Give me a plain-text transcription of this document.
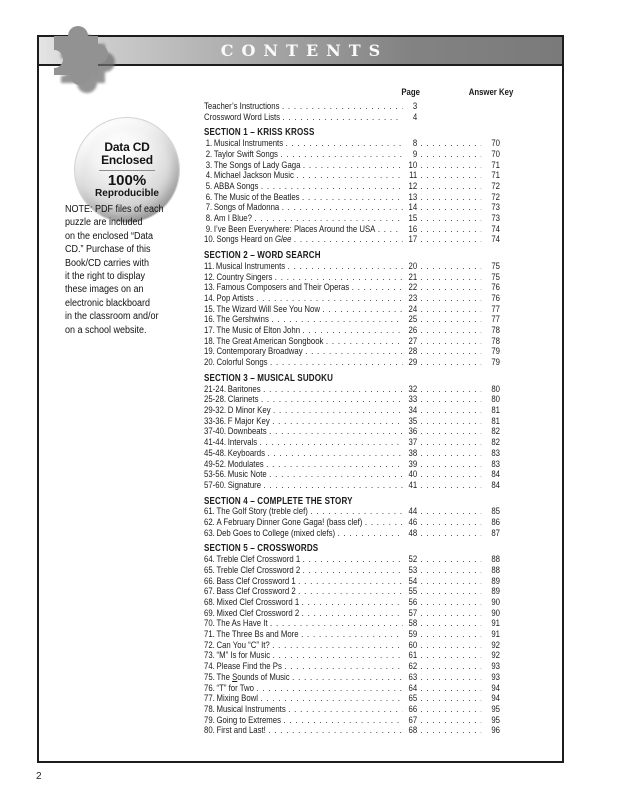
CONTENTS
Data CD
Enclosed
100%
Reproducible
NOTE: PDF files of each
puzzle are included
on the enclosed “Data
CD.” Purchase of this
Book/CD carries with
it the right to display
these images on an
electronic blackboard
in the classroom and/or
on a school website.
Page	Answer Key
Teacher’s Instructions . . .	3
Crossword Word Lists . . .	4
SECTION 1 – KRISS KROSS
1. Musical Instruments . . .	8 . . .	70
2. Taylor Swift Songs . . .	9 . . .	70
3. The Songs of Lady Gaga . . .	10 . . .	71
4. Michael Jackson Music . . .	11 . . .	71
5. ABBA Songs . . .	12 . . .	72
6. The Music of the Beatles . . .	13 . . .	72
7. Songs of Madonna . . .	14 . . .	73
8. Am I Blue? . . .	15 . . .	73
9. I’ve Been Everywhere: Places Around the USA . . .	16 . . .	74
10. Songs Heard on Glee . . .	17 . . .	74
SECTION 2 – WORD SEARCH
11. Musical Instruments . . .	20 . . .	75
12. Country Singers . . .	21 . . .	75
13. Famous Composers and Their Operas . . .	22 . . .	76
14. Pop Artists . . .	23 . . .	76
15. The Wizard Will See You Now . . .	24 . . .	77
16. The Gershwins . . .	25 . . .	77
17. The Music of Elton John . . .	26 . . .	78
18. The Great American Songbook . . .	27 . . .	78
19. Contemporary Broadway . . .	28 . . .	79
20. Colorful Songs . . .	29 . . .	79
SECTION 3 – MUSICAL SUDOKU
21-24. Baritones . . .	32 . . .	80
25-28. Clarinets . . .	33 . . .	80
29-32. D Minor Key . . .	34 . . .	81
33-36. F Major Key . . .	35 . . .	81
37-40. Downbeats . . .	36 . . .	82
41-44. Intervals . . .	37 . . .	82
45-48. Keyboards . . .	38 . . .	83
49-52. Modulates . . .	39 . . .	83
53-56. Music Note . . .	40 . . .	84
57-60. Signature . . .	41 . . .	84
SECTION 4 – COMPLETE THE STORY
61. The Golf Story (treble clef) . . .	44 . . .	85
62. A February Dinner Gone Gaga! (bass clef) . . .	46 . . .	86
63. Deb Goes to College (mixed clefs) . . .	48 . . .	87
SECTION 5 – CROSSWORDS
64. Treble Clef Crossword 1 . . .	52 . . .	88
65. Treble Clef Crossword 2 . . .	53 . . .	88
66. Bass Clef Crossword 1 . . .	54 . . .	89
67. Bass Clef Crossword 2 . . .	55 . . .	89
68. Mixed Clef Crossword 1 . . .	56 . . .	90
69. Mixed Clef Crossword 2 . . .	57 . . .	90
70. The As Have It . . .	58 . . .	91
71. The Three Bs and More . . .	59 . . .	91
72. Can You “C” It? . . .	60 . . .	92
73. “M” Is for Music . . .	61 . . .	92
74. Please Find the Ps . . .	62 . . .	93
75. The Sounds of Music . . .	63 . . .	93
76. “T” for Two . . .	64 . . .	94
77. Mixing Bowl . . .	65 . . .	94
78. Musical Instruments . . .	66 . . .	95
79. Going to Extremes . . .	67 . . .	95
80. First and Last! . . .	68 . . .	96
2
